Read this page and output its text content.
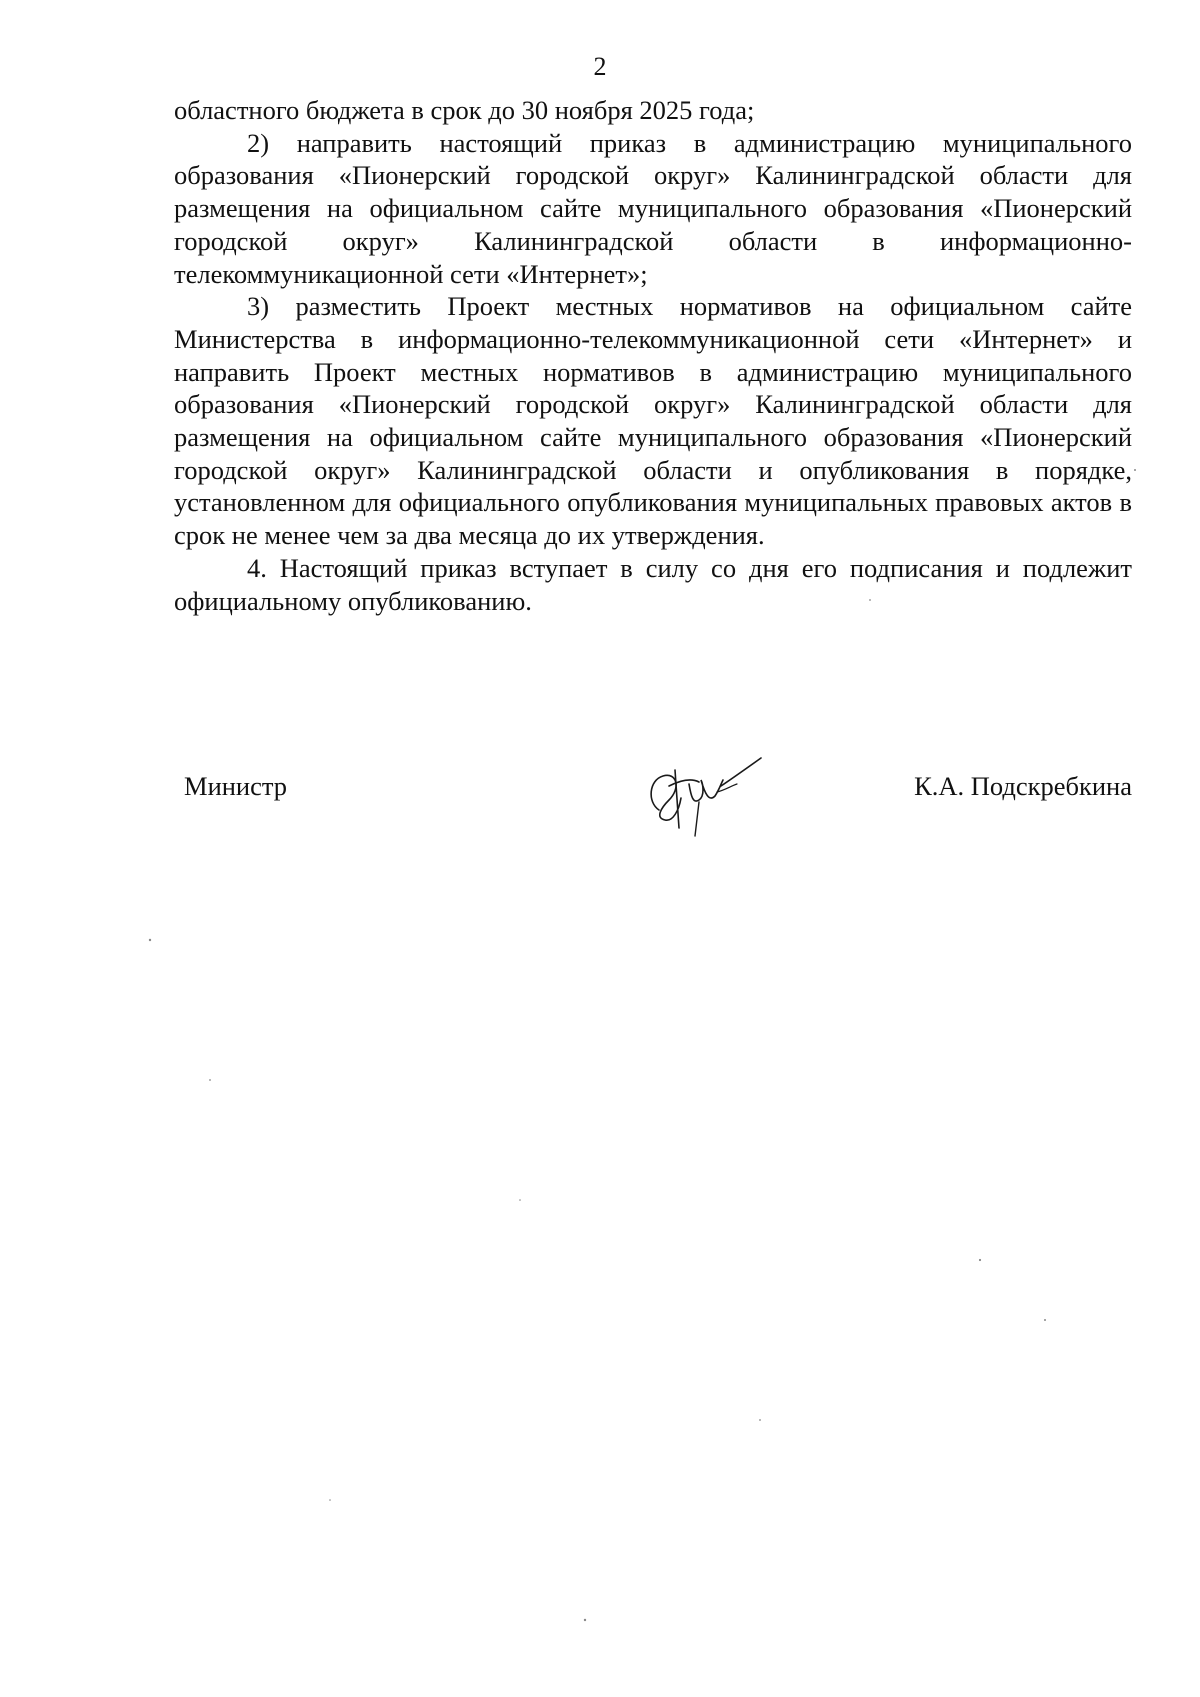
2

областного бюджета в срок до 30 ноября 2025 года;

2) направить настоящий приказ в администрацию муниципального образования «Пионерский городской округ» Калининградской области для размещения на официальном сайте муниципального образования «Пионерский городской округ» Калининградской области в информационно-телекоммуникационной сети «Интернет»;

3) разместить Проект местных нормативов на официальном сайте Министерства в информационно-телекоммуникационной сети «Интернет» и направить Проект местных нормативов в администрацию муниципального образования «Пионерский городской округ» Калининградской области для размещения на официальном сайте муниципального образования «Пионерский городской округ» Калининградской области и опубликования в порядке, установленном для официального опубликования муниципальных правовых актов в срок не менее чем за два месяца до их утверждения.

4. Настоящий приказ вступает в силу со дня его подписания и подлежит официальному опубликованию.

Министр	К.А. Подскребкина
